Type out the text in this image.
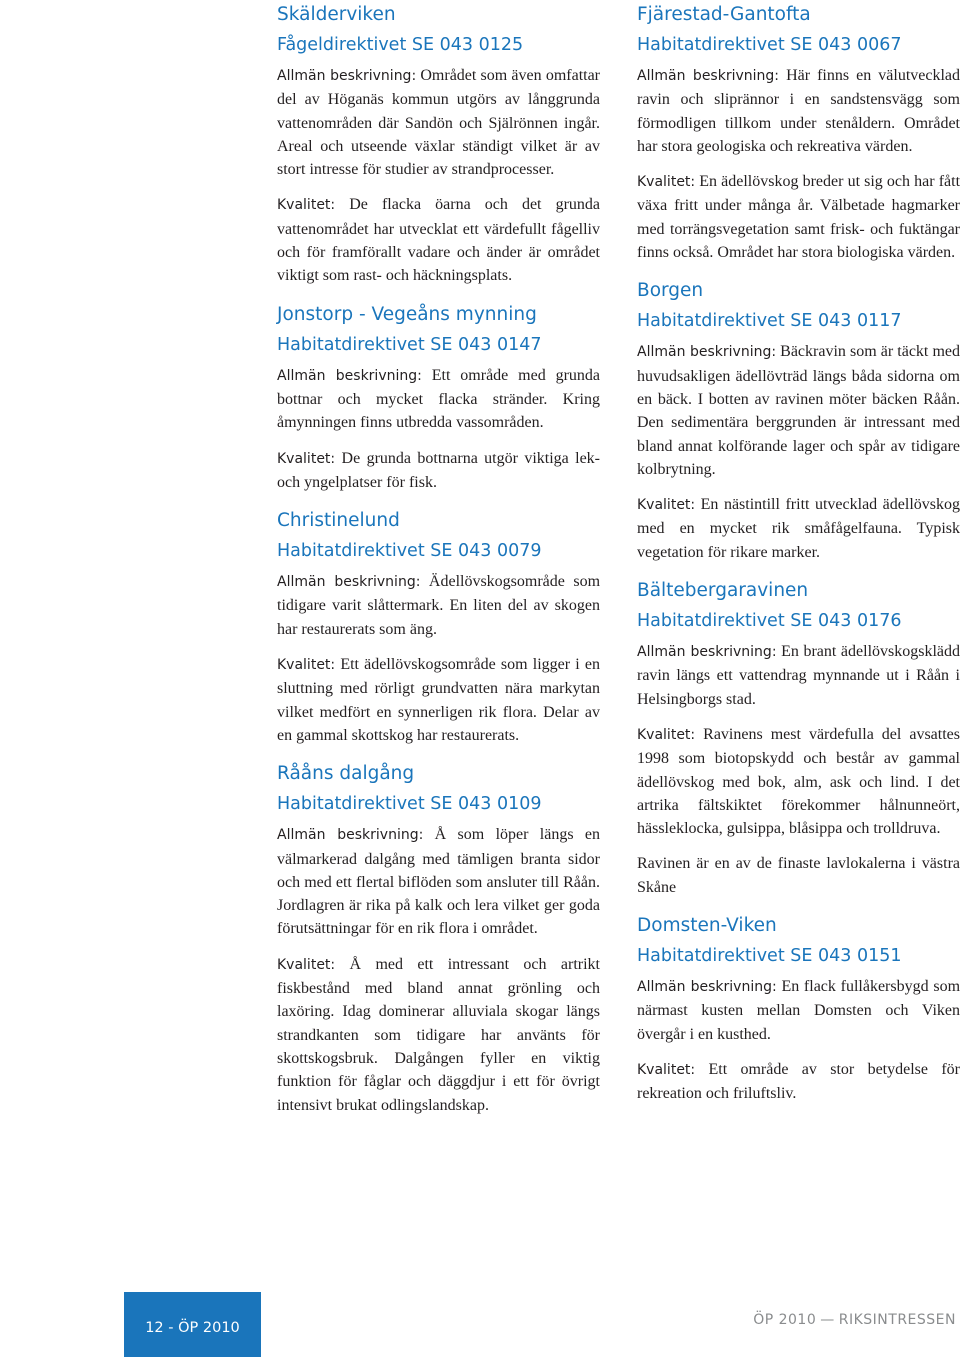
Skälderviken
Fågeldirektivet SE 043 0125

Allmän beskrivning: Området som även omfattar del av Höganäs kommun utgörs av långgrunda vattenområden där Sandön och Själrönnen ingår. Areal och utseende växlar ständigt vilket är av stort intresse för studier av strandprocesser.

Kvalitet: De flacka öarna och det grunda vattenområdet har utvecklat ett värdefullt fågelliv och för framförallt vadare och änder är området viktigt som rast- och häckningsplats.

Jonstorp - Vegeåns mynning
Habitatdirektivet SE 043 0147

Allmän beskrivning: Ett område med grunda bottnar och mycket flacka stränder. Kring åmynningen finns utbredda vassområden.

Kvalitet: De grunda bottnarna utgör viktiga lek- och yngelplatser för fisk.

Christinelund
Habitatdirektivet SE 043 0079

Allmän beskrivning: Ädellövskogsområde som tidigare varit slåttermark. En liten del av skogen har restaurerats som äng.

Kvalitet: Ett ädellövskogsområde som ligger i en sluttning med rörligt grundvatten nära markytan vilket medfört en synnerligen rik flora. Delar av en gammal skottskog har restaurerats.

Rååns dalgång
Habitatdirektivet SE 043 0109

Allmän beskrivning: Å som löper längs en välmarkerad dalgång med tämligen branta sidor och med ett flertal biflöden som ansluter till Råån. Jordlagren är rika på kalk och lera vilket ger goda förutsättningar för en rik flora i området.

Kvalitet: Å med ett intressant och artrikt fiskbestånd med bland annat grönling och laxöring. Idag dominerar alluviala skogar längs strandkanten som tidigare har använts för skottskogsbruk. Dalgången fyller en viktig funktion för fåglar och däggdjur i ett för övrigt intensivt brukat odlingslandskap.

Fjärestad-Gantofta
Habitatdirektivet SE 043 0067

Allmän beskrivning: Här finns en välutvecklad ravin och sliprännor i en sandstensvägg som förmodligen tillkom under stenåldern. Området har stora geologiska och rekreativa värden.

Kvalitet: En ädellövskog breder ut sig och har fått växa fritt under många år. Välbetade hagmarker med torrängsvegetation samt frisk- och fuktängar finns också. Området har stora biologiska värden.

Borgen
Habitatdirektivet SE 043 0117

Allmän beskrivning: Bäckravin som är täckt med huvudsakligen ädellövträd längs båda sidorna om en bäck. I botten av ravinen möter bäcken Råån. Den sedimentära berggrunden är intressant med bland annat kolförande lager och spår av tidigare kolbrytning.

Kvalitet: En nästintill fritt utvecklad ädellövskog med en mycket rik småfågelfauna. Typisk vegetation för rikare marker.

Bältebergaravinen
Habitatdirektivet SE 043 0176

Allmän beskrivning: En brant ädellövskogsklädd ravin längs ett vattendrag mynnande ut i Råån i Helsingborgs stad.

Kvalitet: Ravinens mest värdefulla del avsattes 1998 som biotopskydd och består av gammal ädellövskog med bok, alm, ask och lind. I det artrika fältskiktet förekommer hålnunneört, hässleklocka, gulsippa, blåsippa och trolldruva.

Ravinen är en av de finaste lavlokalerna i västra Skåne

Domsten-Viken
Habitatdirektivet SE 043 0151

Allmän beskrivning: En flack fullåkersbygd som närmast kusten mellan Domsten och Viken övergår i en kusthed.

Kvalitet: Ett område av stor betydelse för rekreation och friluftsliv.

12 - ÖP 2010	ÖP 2010 — RIKSINTRESSEN
